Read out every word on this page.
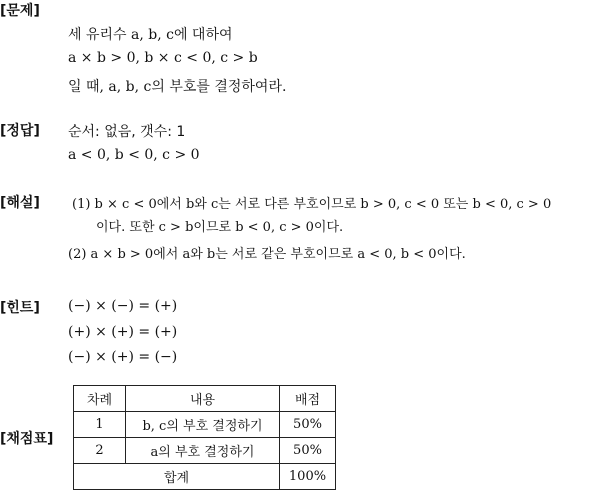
[문제]
세 유리수 a, b, c에 대하여
a × b > 0, b × c < 0, c > b
일 때, a, b, c의 부호를 결정하여라.
[정답] 순서: 없음, 갯수: 1
a < 0, b < 0, c > 0
[해설] (1) b × c < 0에서 b와 c는 서로 다른 부호이므로 b > 0, c < 0 또는 b < 0, c > 0
이다. 또한 c > b이므로 b < 0, c > 0이다.
(2) a × b > 0에서 a와 b는 서로 같은 부호이므로 a < 0, b < 0이다.
[힌트] (−) × (−) = (+)
(+) × (+) = (+)
(−) × (+) = (−)
[채점표]
차례	내용	배점
1	b, c의 부호 결정하기	50%
2	a의 부호 결정하기	50%
합계		100%
